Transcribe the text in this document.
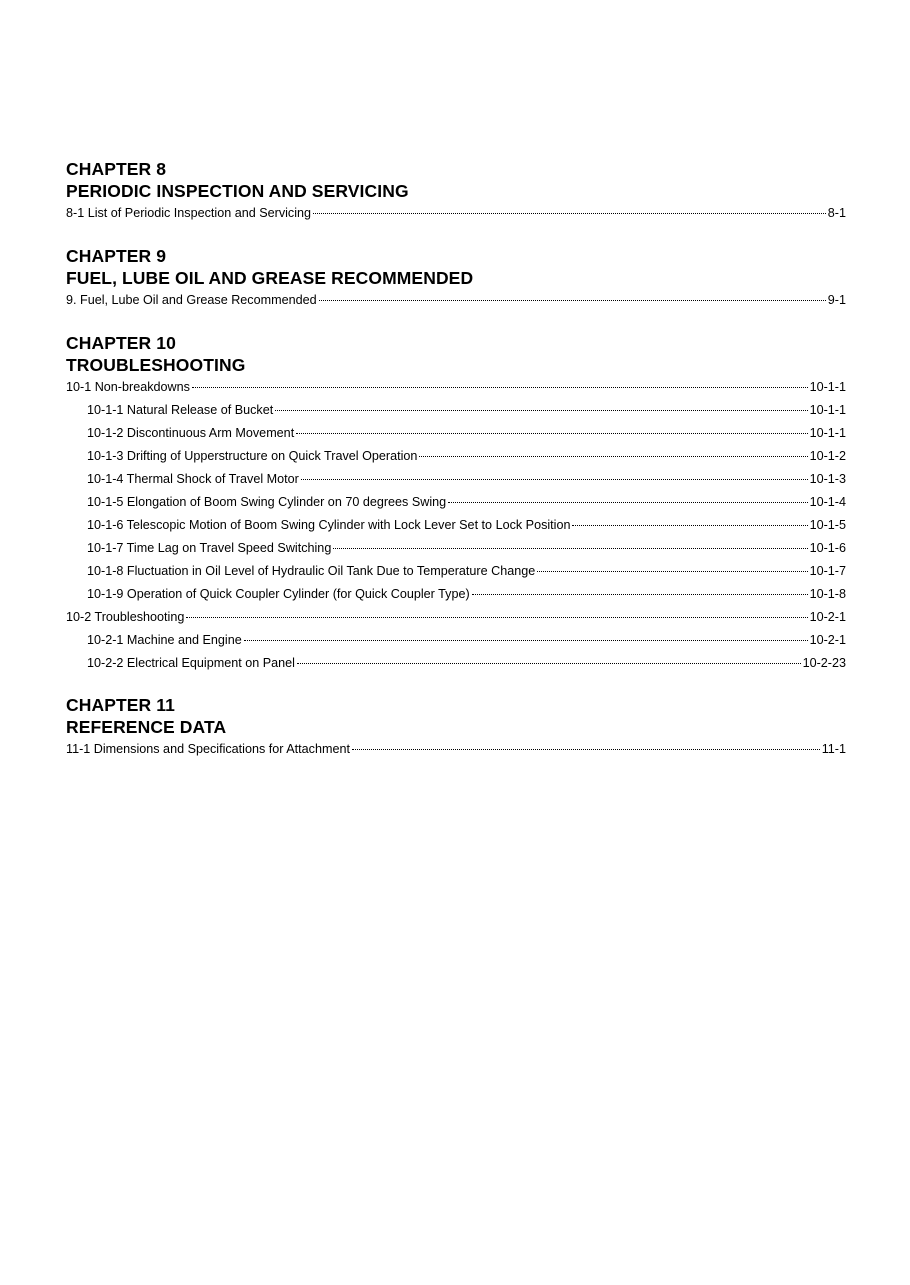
CHAPTER 8
PERIODIC INSPECTION AND SERVICING
8-1 List of Periodic Inspection and Servicing	8-1
CHAPTER 9
FUEL, LUBE OIL AND GREASE RECOMMENDED
9. Fuel, Lube Oil and Grease Recommended	9-1
CHAPTER 10
TROUBLESHOOTING
10-1 Non-breakdowns	10-1-1
10-1-1 Natural Release of Bucket	10-1-1
10-1-2 Discontinuous Arm Movement	10-1-1
10-1-3 Drifting of Upperstructure on Quick Travel Operation	10-1-2
10-1-4 Thermal Shock of Travel Motor	10-1-3
10-1-5 Elongation of Boom Swing Cylinder on 70 degrees Swing	10-1-4
10-1-6 Telescopic Motion of Boom Swing Cylinder with Lock Lever Set to Lock Position	10-1-5
10-1-7 Time Lag on Travel Speed Switching	10-1-6
10-1-8 Fluctuation in Oil Level of Hydraulic Oil Tank Due to Temperature Change	10-1-7
10-1-9 Operation of Quick Coupler Cylinder (for Quick Coupler Type)	10-1-8
10-2 Troubleshooting	10-2-1
10-2-1 Machine and Engine	10-2-1
10-2-2 Electrical Equipment on Panel	10-2-23
CHAPTER 11
REFERENCE DATA
11-1 Dimensions and Specifications for Attachment	11-1
